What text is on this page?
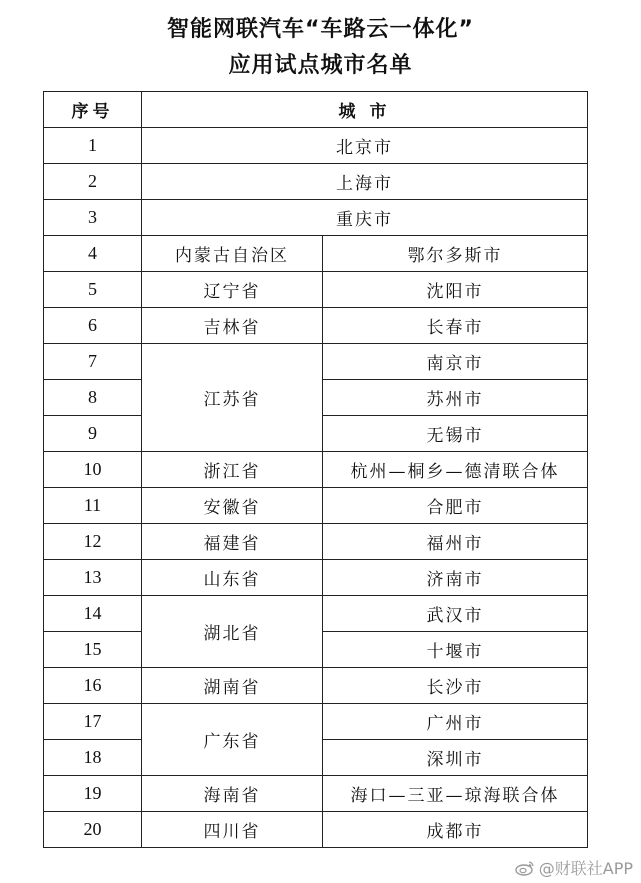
智能网联汽车“车路云一体化”
应用试点城市名单
序号	城 市	
1	北京市	
2	上海市	
3	重庆市	
4	内蒙古自治区	鄂尔多斯市
5	辽宁省	沈阳市
6	吉林省	长春市
7	江苏省	南京市
8		苏州市
9		无锡市
10	浙江省	杭州—桐乡—德清联合体
11	安徽省	合肥市
12	福建省	福州市
13	山东省	济南市
14	湖北省	武汉市
15		十堰市
16	湖南省	长沙市
17	广东省	广州市
18		深圳市
19	海南省	海口—三亚—琼海联合体
20	四川省	成都市
@财联社APP
